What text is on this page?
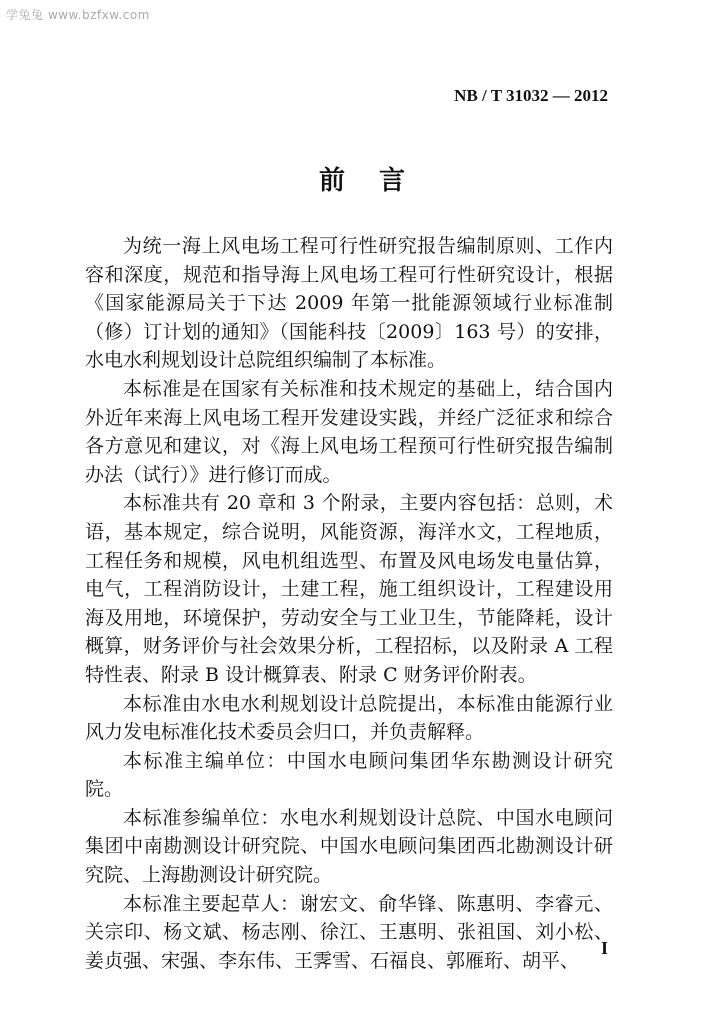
学兔兔 www.bzfxw.com
NB / T 31032 — 2012
前言

为统一海上风电场工程可行性研究报告编制原则、工作内容和深度，规范和指导海上风电场工程可行性研究设计，根据《国家能源局关于下达 2009 年第一批能源领域行业标准制（修）订计划的通知》（国能科技〔2009〕163 号）的安排，水电水利规划设计总院组织编制了本标准。

本标准是在国家有关标准和技术规定的基础上，结合国内外近年来海上风电场工程开发建设实践，并经广泛征求和综合各方意见和建议，对《海上风电场工程预可行性研究报告编制办法（试行）》进行修订而成。

本标准共有 20 章和 3 个附录，主要内容包括：总则，术语，基本规定，综合说明，风能资源，海洋水文，工程地质，工程任务和规模，风电机组选型、布置及风电场发电量估算，电气，工程消防设计，土建工程，施工组织设计，工程建设用海及用地，环境保护，劳动安全与工业卫生，节能降耗，设计概算，财务评价与社会效果分析，工程招标，以及附录 A 工程特性表、附录 B 设计概算表、附录 C 财务评价附表。

本标准由水电水利规划设计总院提出，本标准由能源行业风力发电标准化技术委员会归口，并负责解释。

本标准主编单位：中国水电顾问集团华东勘测设计研究院。

本标准参编单位：水电水利规划设计总院、中国水电顾问集团中南勘测设计研究院、中国水电顾问集团西北勘测设计研究院、上海勘测设计研究院。

本标准主要起草人：谢宏文、俞华锋、陈惠明、李睿元、关宗印、杨文斌、杨志刚、徐江、王惠明、张祖国、刘小松、姜贞强、宋强、李东伟、王霁雪、石福良、郭雁珩、胡平、

I
